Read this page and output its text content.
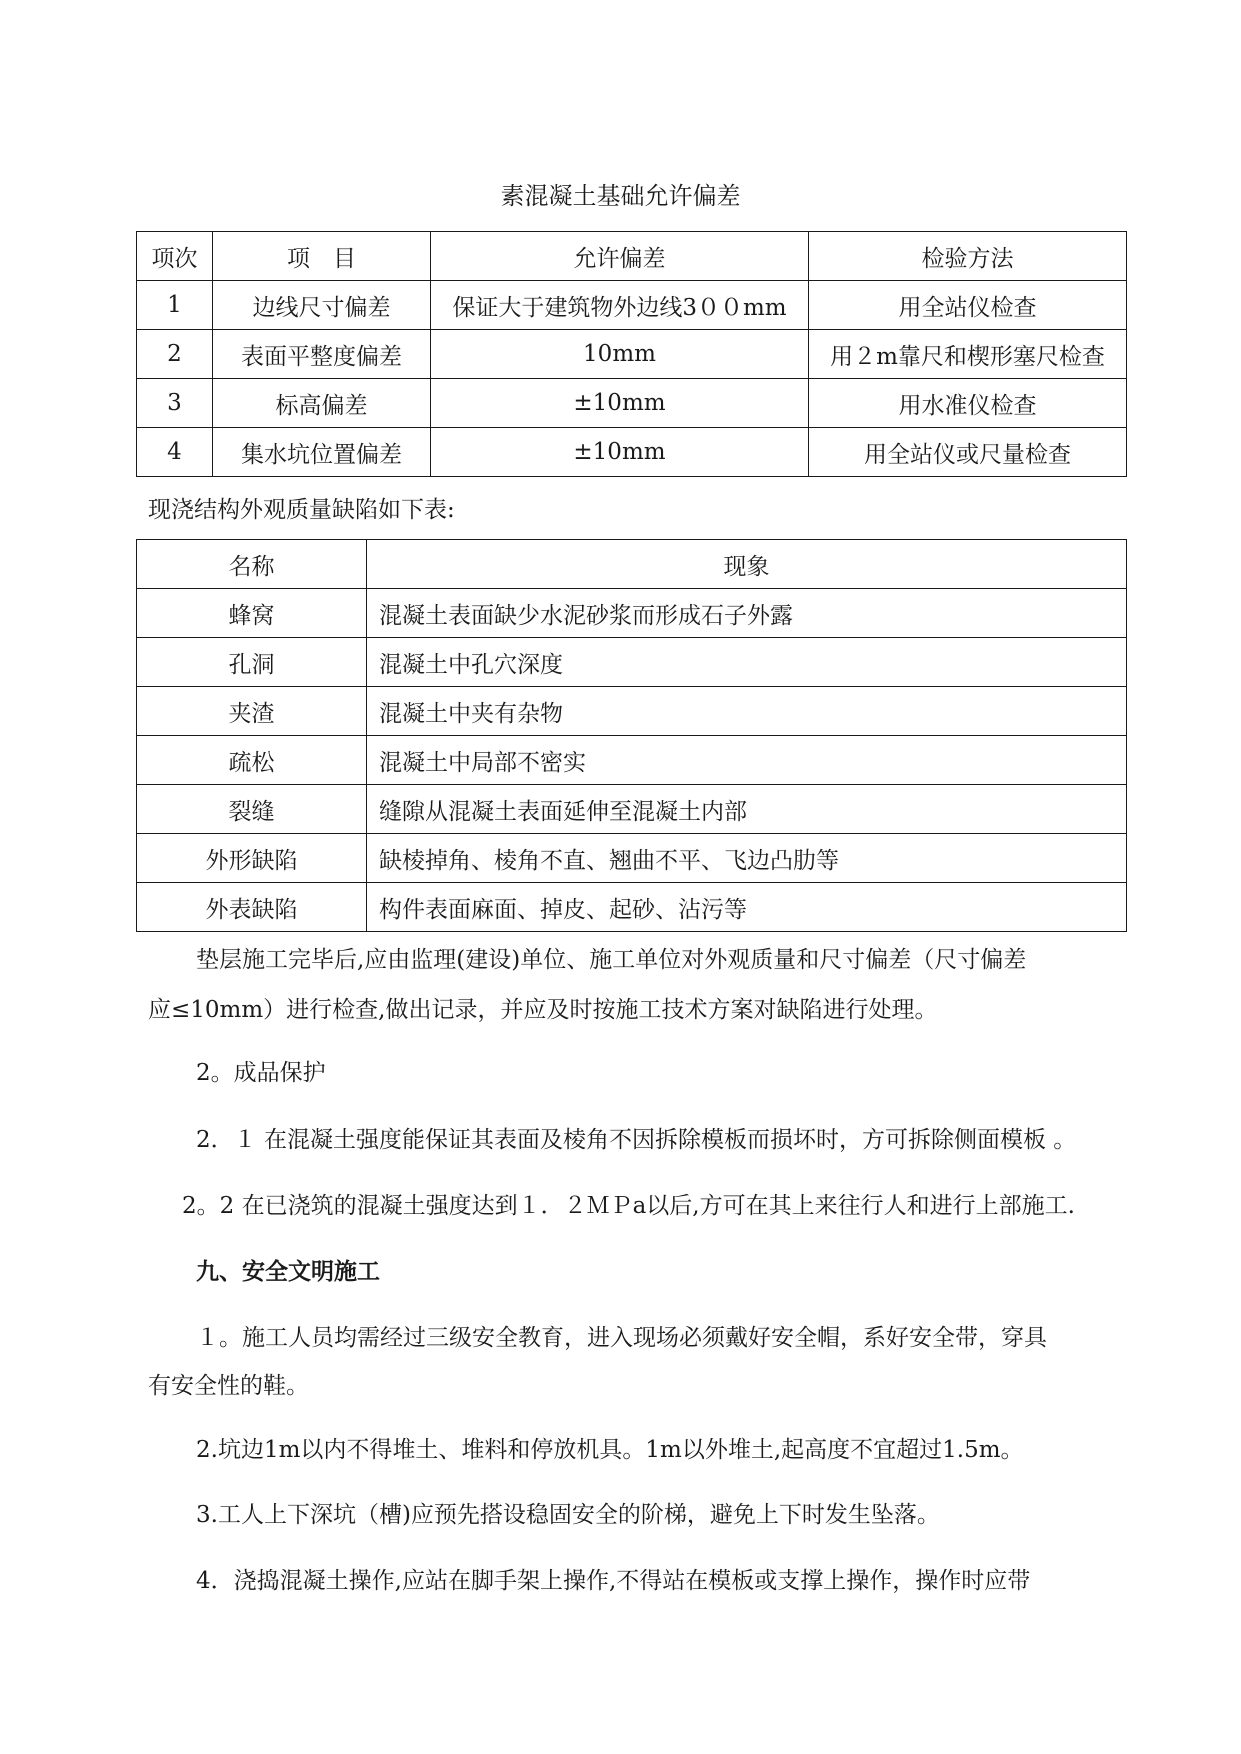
素混凝土基础允许偏差
项次	项　目	允许偏差	检验方法
1	边线尺寸偏差	保证大于建筑物外边线3００mm	用全站仪检查
2	表面平整度偏差	10mm	用２m靠尺和楔形塞尺检查
3	标高偏差	±10mm	用水准仪检查
4	集水坑位置偏差	±10mm	用全站仪或尺量检查
现浇结构外观质量缺陷如下表:
名称	现象
蜂窝	混凝土表面缺少水泥砂浆而形成石子外露
孔洞	混凝土中孔穴深度
夹渣	混凝土中夹有杂物
疏松	混凝土中局部不密实
裂缝	缝隙从混凝土表面延伸至混凝土内部
外形缺陷	缺棱掉角、棱角不直、翘曲不平、飞边凸肋等
外表缺陷	构件表面麻面、掉皮、起砂、沾污等
垫层施工完毕后,应由监理(建设)单位、施工单位对外观质量和尺寸偏差（尺寸偏差
应≤10mm）进行检查,做出记录，并应及时按施工技术方案对缺陷进行处理。
2。成品保护
2．１ 在混凝土强度能保证其表面及棱角不因拆除模板而损坏时，方可拆除侧面模板 。
2。2 在已浇筑的混凝土强度达到１．２ＭＰa以后,方可在其上来往行人和进行上部施工.
九、安全文明施工
１。施工人员均需经过三级安全教育，进入现场必须戴好安全帽，系好安全带，穿具
有安全性的鞋。
2.坑边1m以内不得堆土、堆料和停放机具。1m以外堆土,起高度不宜超过1.5m。
3.工人上下深坑（槽)应预先搭设稳固安全的阶梯，避免上下时发生坠落。
4．浇捣混凝土操作,应站在脚手架上操作,不得站在模板或支撑上操作，操作时应带
